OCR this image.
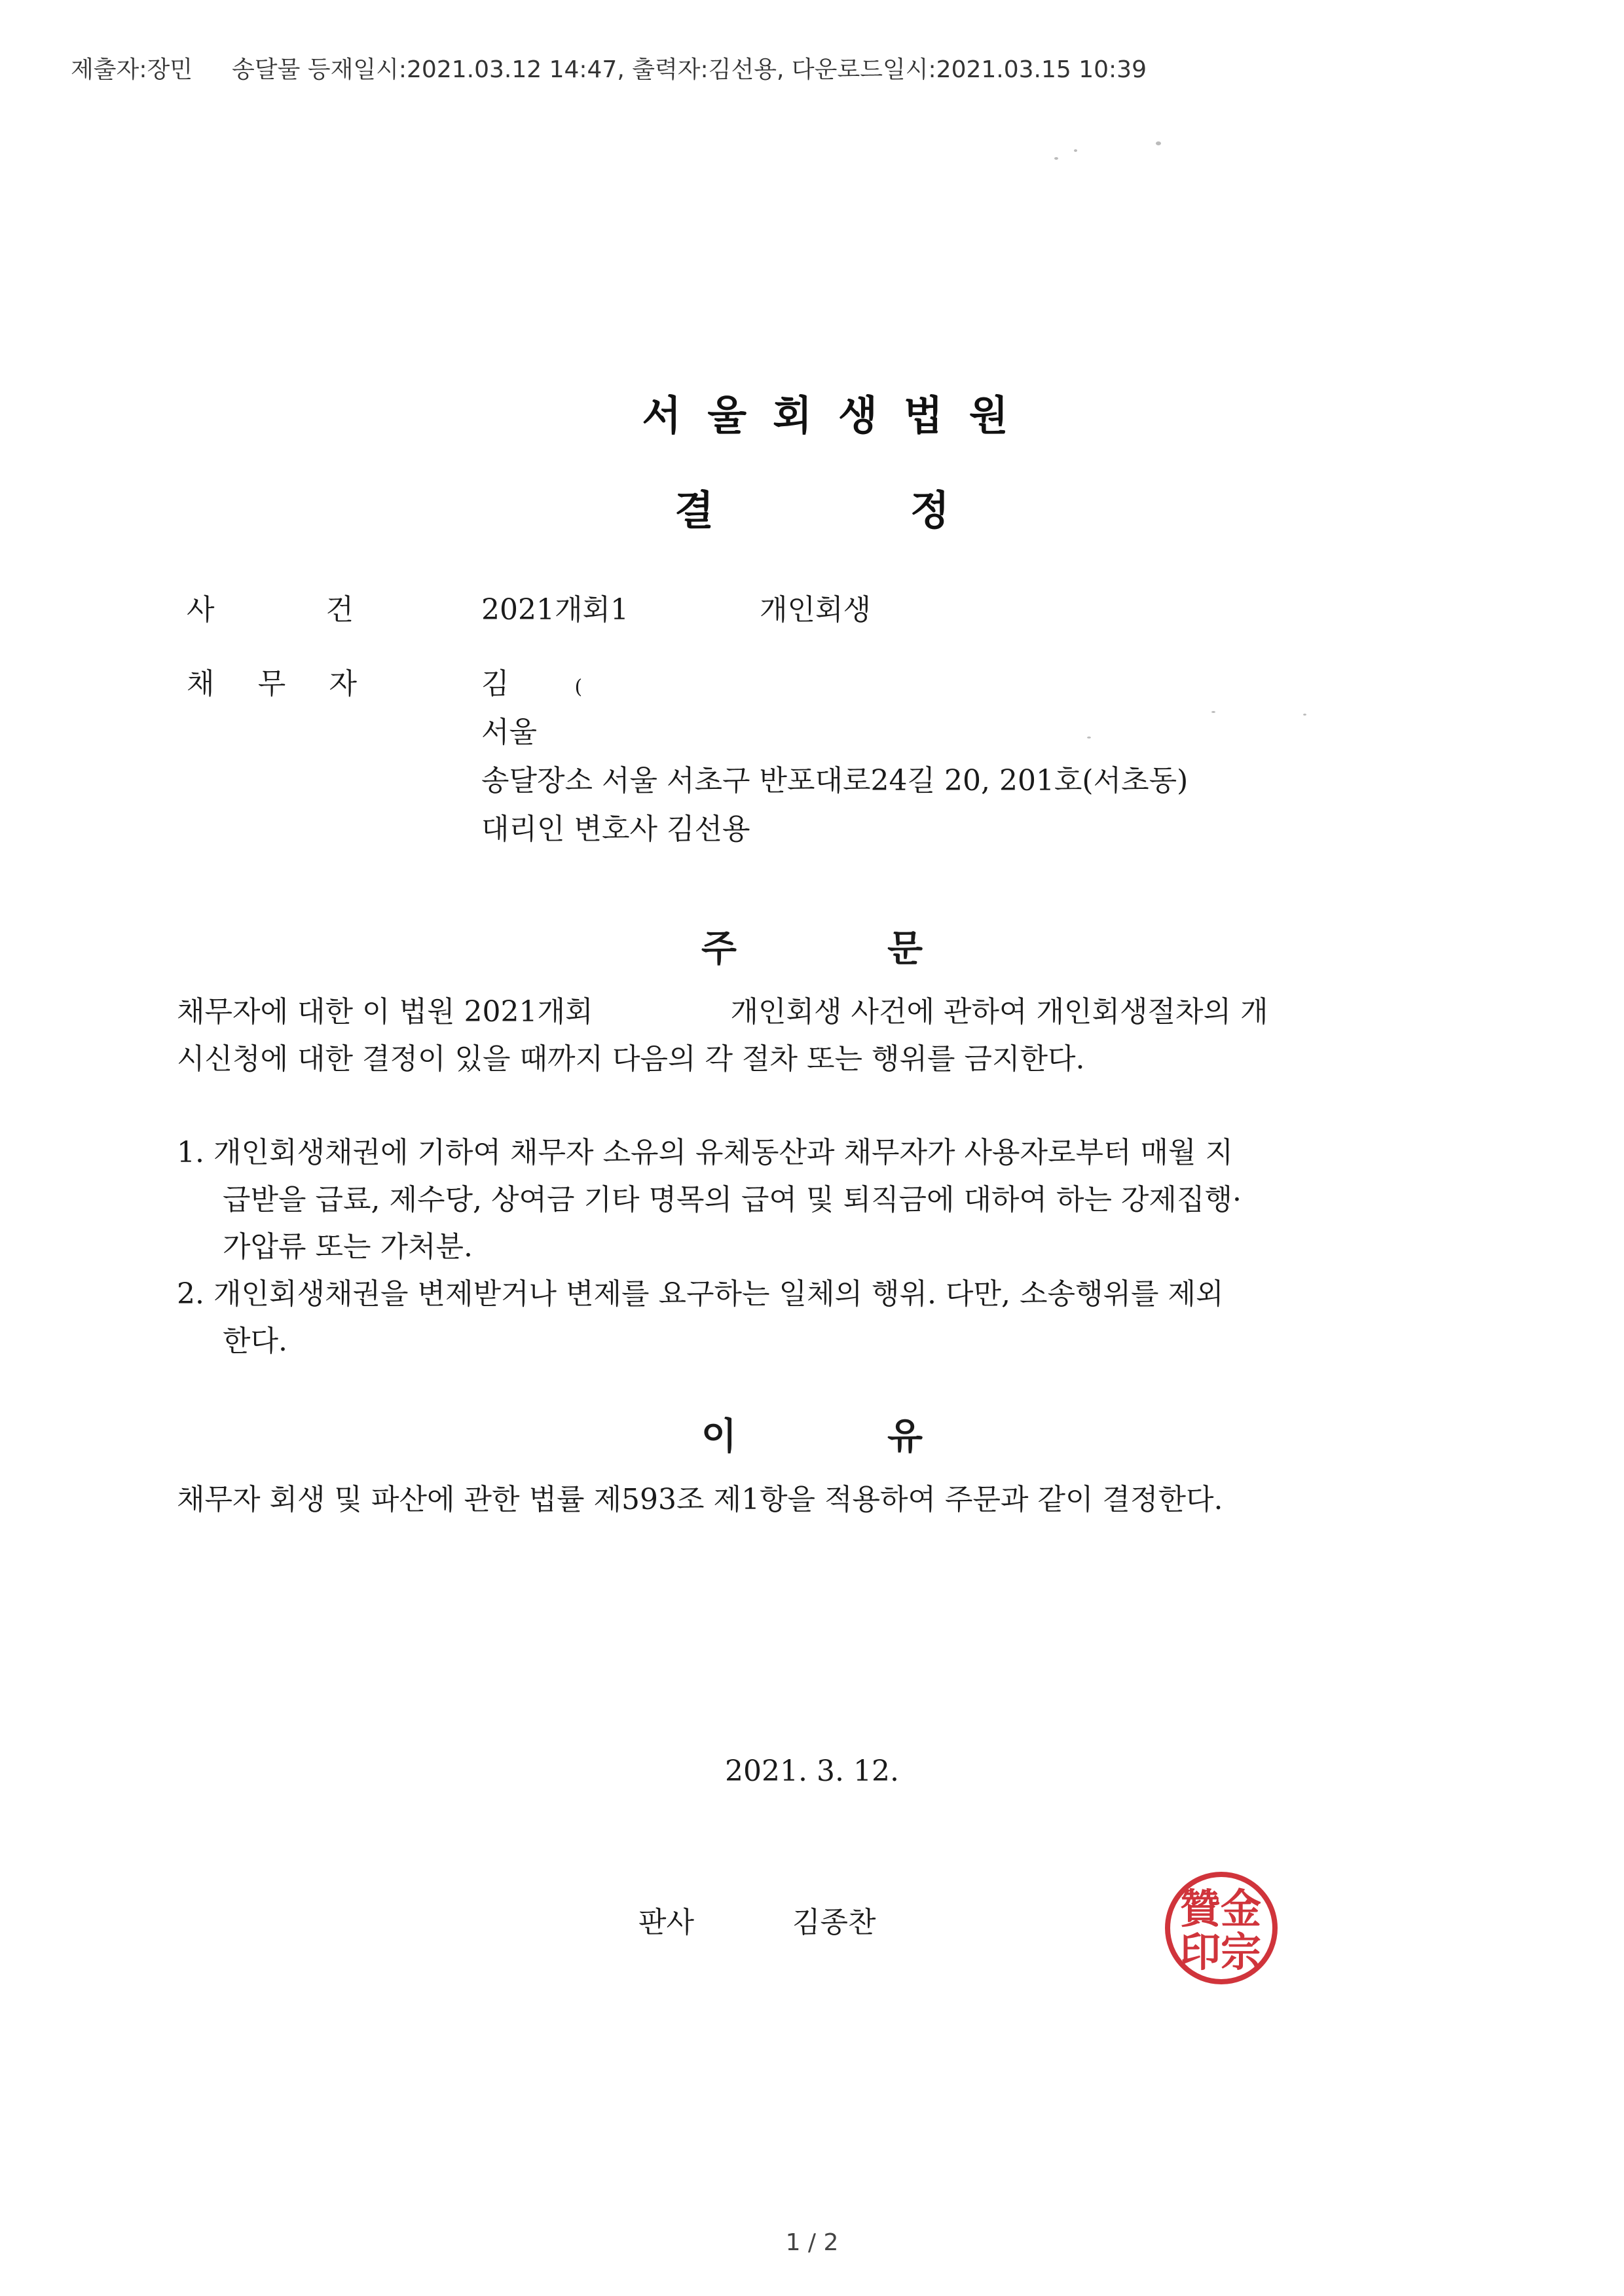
제출자:장민 송달물 등재일시:2021.03.12 14:47, 출력자:김선용, 다운로드일시:2021.03.15 10:39
서울회생법원
결	정
사	건	2021개회1	개인회생
채 무 자	김	(
서울
송달장소 서울 서초구 반포대로24길 20, 201호(서초동)
대리인 변호사 김선용
주	문
채무자에 대한 이 법원 2021개회	개인회생 사건에 관하여 개인회생절차의 개
시신청에 대한 결정이 있을 때까지 다음의 각 절차 또는 행위를 금지한다.
1. 개인회생채권에 기하여 채무자 소유의 유체동산과 채무자가 사용자로부터 매월 지
급받을 급료, 제수당, 상여금 기타 명목의 급여 및 퇴직금에 대하여 하는 강제집행·
가압류 또는 가처분.
2. 개인회생채권을 변제받거나 변제를 요구하는 일체의 행위. 다만, 소송행위를 제외
한다.
이	유
채무자 회생 및 파산에 관한 법률 제593조 제1항을 적용하여 주문과 같이 결정한다.
2021. 3. 12.
판사	김종찬	金
宗
贊
印
1 / 2
